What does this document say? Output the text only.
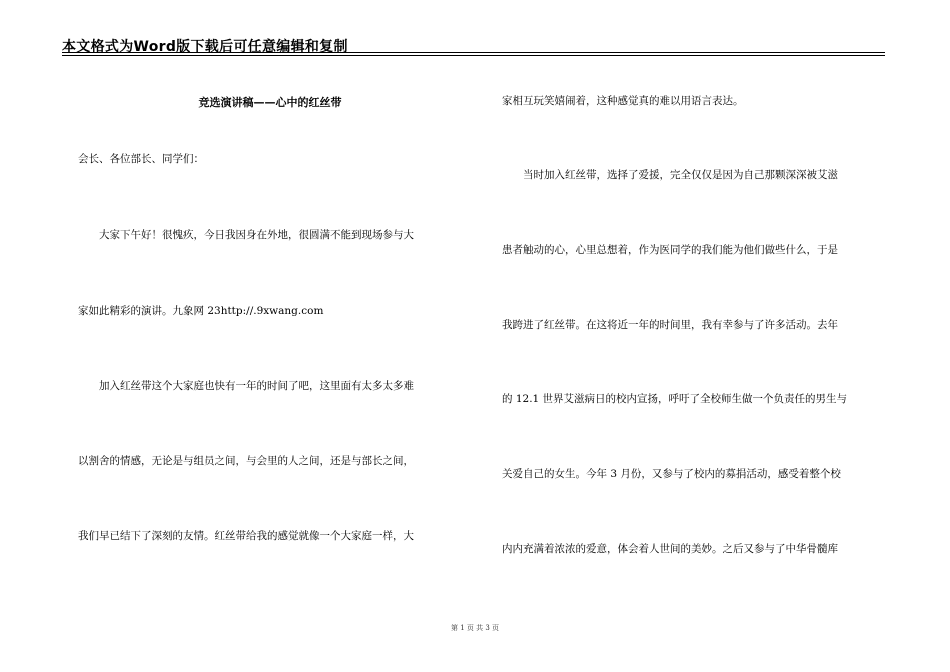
本文格式为Word版下载后可任意编辑和复制
竞选演讲稿——心中的红丝带
会长、各位部长、同学们：
　　大家下午好！很愧疚，今日我因身在外地，很圆满不能到现场参与大
家如此精彩的演讲。九象网 23http://.9xwang.com
　　加入红丝带这个大家庭也快有一年的时间了吧，这里面有太多太多难
以割舍的情感，无论是与组员之间，与会里的人之间，还是与部长之间，
我们早已结下了深刻的友情。红丝带给我的感觉就像一个大家庭一样，大
家相互玩笑嬉闹着，这种感觉真的难以用语言表达。
　　当时加入红丝带，选择了爱援，完全仅仅是因为自己那颗深深被艾滋
患者触动的心，心里总想着，作为医同学的我们能为他们做些什么，于是
我跨进了红丝带。在这将近一年的时间里，我有幸参与了许多活动。去年
的 12.1 世界艾滋病日的校内宣扬，呼吁了全校师生做一个负责任的男生与
关爱自己的女生。今年 3 月份，又参与了校内的募捐活动，感受着整个校
内内充满着浓浓的爱意，体会着人世间的美妙。之后又参与了中华骨髓库
第 1 页 共 3 页
